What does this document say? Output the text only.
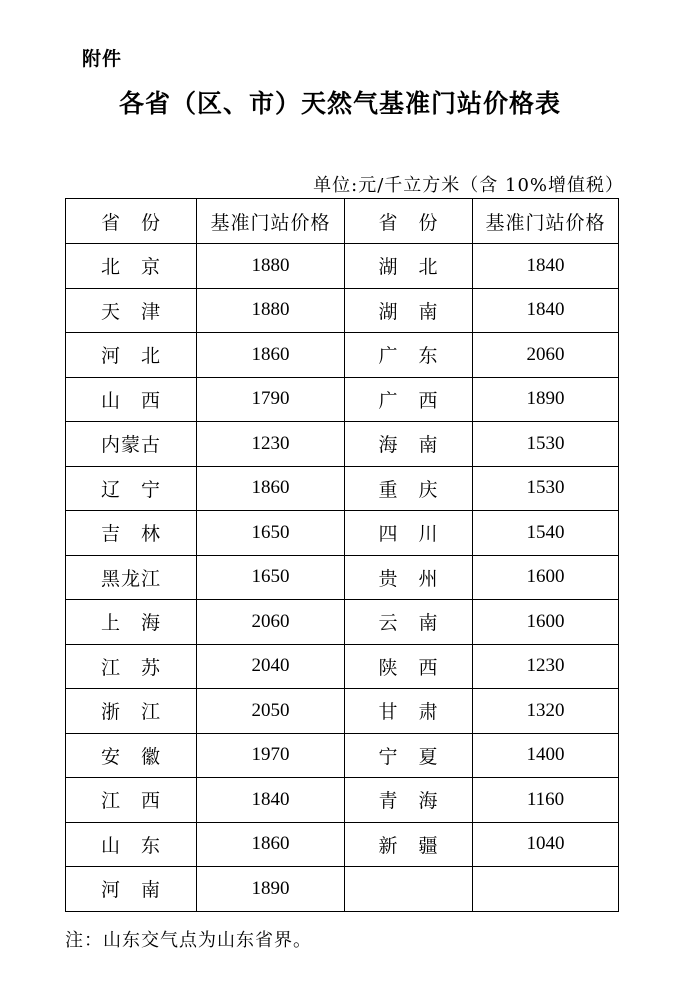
附件
各省（区、市）天然气基准门站价格表
单位:元/千立方米（含 10%增值税）
省　份	基准门站价格	省　份	基准门站价格
北　京	1880	湖　北	1840
天　津	1880	湖　南	1840
河　北	1860	广　东	2060
山　西	1790	广　西	1890
内蒙古	1230	海　南	1530
辽　宁	1860	重　庆	1530
吉　林	1650	四　川	1540
黑龙江	1650	贵　州	1600
上　海	2060	云　南	1600
江　苏	2040	陕　西	1230
浙　江	2050	甘　肃	1320
安　徽	1970	宁　夏	1400
江　西	1840	青　海	1160
山　东	1860	新　疆	1040
河　南	1890		
注：山东交气点为山东省界。
